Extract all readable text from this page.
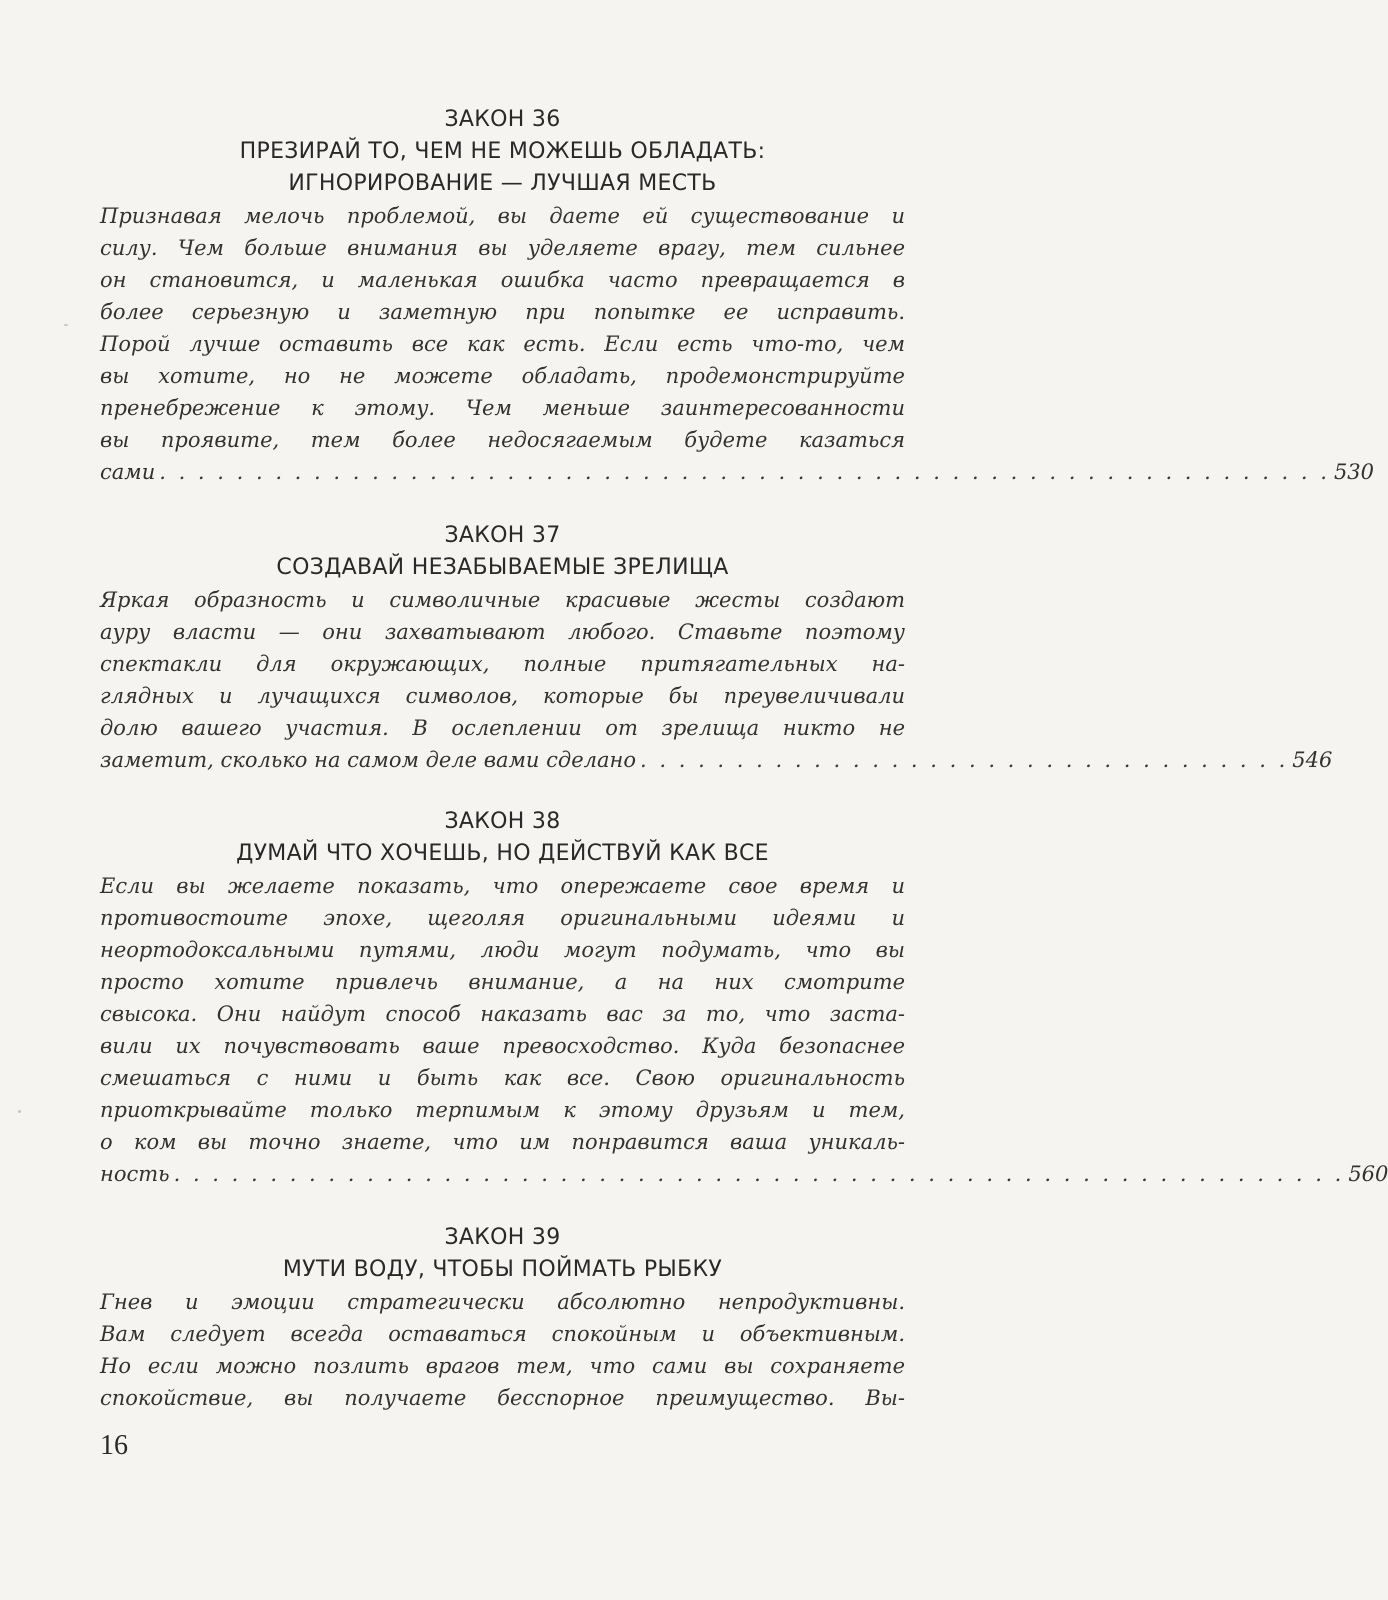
ЗАКОН 36
ПРЕЗИРАЙ ТО, ЧЕМ НЕ МОЖЕШЬ ОБЛАДАТЬ:
ИГНОРИРОВАНИЕ — ЛУЧШАЯ МЕСТЬ
Признавая мелочь проблемой, вы даете ей существование и
силу. Чем больше внимания вы уделяете врагу, тем сильнее
он становится, и маленькая ошибка часто превращается в
более серьезную и заметную при попытке ее исправить.
Порой лучше оставить все как есть. Если есть что-то, чем
вы хотите, но не можете обладать, продемонстрируйте
пренебрежение к этому. Чем меньше заинтересованности
вы проявите, тем более недосягаемым будете казаться
сами . . . . . . . . . . . . . . . . . . . . . . . . . . . . . . . . . . . . . . . . . . . . . . . . . . . . . . . . . . . . . 530
ЗАКОН 37
СОЗДАВАЙ НЕЗАБЫВАЕМЫЕ ЗРЕЛИЩА
Яркая образность и символичные красивые жесты создают
ауру власти — они захватывают любого. Ставьте поэтому
спектакли для окружающих, полные притягательных на-
глядных и лучащихся символов, которые бы преувеличивали
долю вашего участия. В ослеплении от зрелища никто не
заметит, сколько на самом деле вами сделано . . . . . . . . . . . . . . . . . . . . . . . . . . . . . . . . . . 546
ЗАКОН 38
ДУМАЙ ЧТО ХОЧЕШЬ, НО ДЕЙСТВУЙ КАК ВСЕ
Если вы желаете показать, что опережаете свое время и
противостоите эпохе, щеголяя оригинальными идеями и
неортодоксальными путями, люди могут подумать, что вы
просто хотите привлечь внимание, а на них смотрите
свысока. Они найдут способ наказать вас за то, что заста-
вили их почувствовать ваше превосходство. Куда безопаснее
смешаться с ними и быть как все. Свою оригинальность
приоткрывайте только терпимым к этому друзьям и тем,
о ком вы точно знаете, что им понравится ваша уникаль-
ность . . . . . . . . . . . . . . . . . . . . . . . . . . . . . . . . . . . . . . . . . . . . . . . . . . . . . . . . . . . . . 560
ЗАКОН 39
МУТИ ВОДУ, ЧТОБЫ ПОЙМАТЬ РЫБКУ
Гнев и эмоции стратегически абсолютно непродуктивны.
Вам следует всегда оставаться спокойным и объективным.
Но если можно позлить врагов тем, что сами вы сохраняете
спокойствие, вы получаете бесспорное преимущество. Вы-
16
